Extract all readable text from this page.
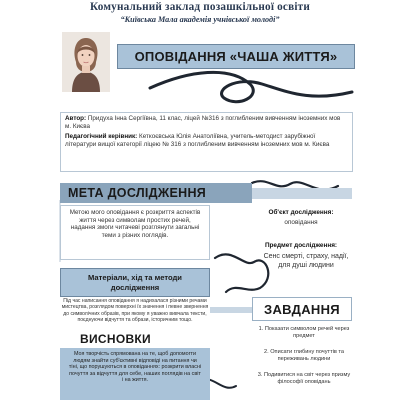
Комунальний заклад позашкільної освіти
“Київська Мала академія учнівської молоді”
ОПОВІДАННЯ «ЧАША ЖИТТЯ»
Автор: Придуха Інна Сергіївна, 11 клас, ліцей №316 з поглибленим вивченням іноземних мов м. Києва
Педагогічний керівник: Кеткоєвська Юлія Анатоліївна, учитель-методист зарубіжної літератури вищої категорії ліцею № 316 з поглибленим вивченням іноземних мов м. Києва
МЕТА ДОСЛІДЖЕННЯ
Метою мого оповідання є розкриття аспектів життя через символам простих речей, надання змоги читачеві розглянути загальні теми з різних поглядів.
Об'єкт дослідження:
оповідання
Предмет дослідження:
Сенс смерті, страху, надії, для душі людини
Матеріали, хід та методи дослідження
Під час написання оповідання я надихалася різними речами мистецтва, розглядом поверхні їх значення і певне звернення до символічних образів, при якому я уважно вивчала тексти, поєднуючи відчуття та образи, історичним тощо.
ЗАВДАННЯ
ВИСНОВКИ
Моя творчість спрямована на те, щоб допомогти людям знайти суб'єктивні відповіді на питання чи тіні, що порушуються в оповіданнях: розкрити власні почуття за відчуття для себе, наших поглядів на світ і на життя.
1. Показати символом речей через предмет
2. Описати глибину почуттів та переживань людини
3. Подивитися на світ через призму філософії оповідань
